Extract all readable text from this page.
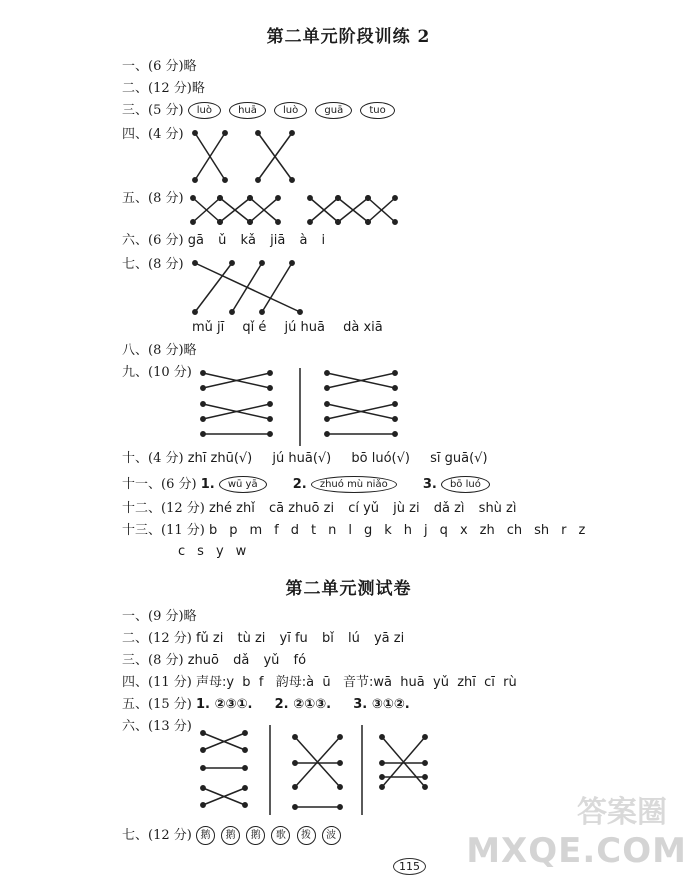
第二单元阶段训练 2
一、(6 分)略
二、(12 分)略
三、(5 分) luò	huā	luò	guā	tuo
四、(4 分)
五、(8 分)
六、(6 分) gā ǔ kǎ jiā à i
七、(8 分)
mǔ jī qǐ é jú huā dà xiā
八、(8 分)略
九、(10 分)
十、(4 分) zhī zhū(√) jú huā(√) bō luó(√) sī guā(√)
十一、(6 分) 1. wū yā	2. zhuó mù niǎo	3. bō luó
十二、(12 分) zhé zhǐ cā zhuō zi cí yǔ jù zi dǎ zì shù zì
十三、(11 分) b p m f d t n l g k h j q x zh ch sh r z
c s y w
第二单元测试卷
一、(9 分)略
二、(12 分) fǔ zi tù zi yī fu bǐ lú yā zi
三、(8 分) zhuō dǎ yǔ fó
四、(11 分) 声母:y  b  f   韵母:à  ū   音节:wā  huā  yǔ  zhī  cī  rù
五、(15 分) 1. ②③①. 2. ②①③. 3. ③①②.
六、(13 分)
七、(12 分) 鹅 鹅 鹅 歌 拨 波
115
答案圈
MXQE.COM
